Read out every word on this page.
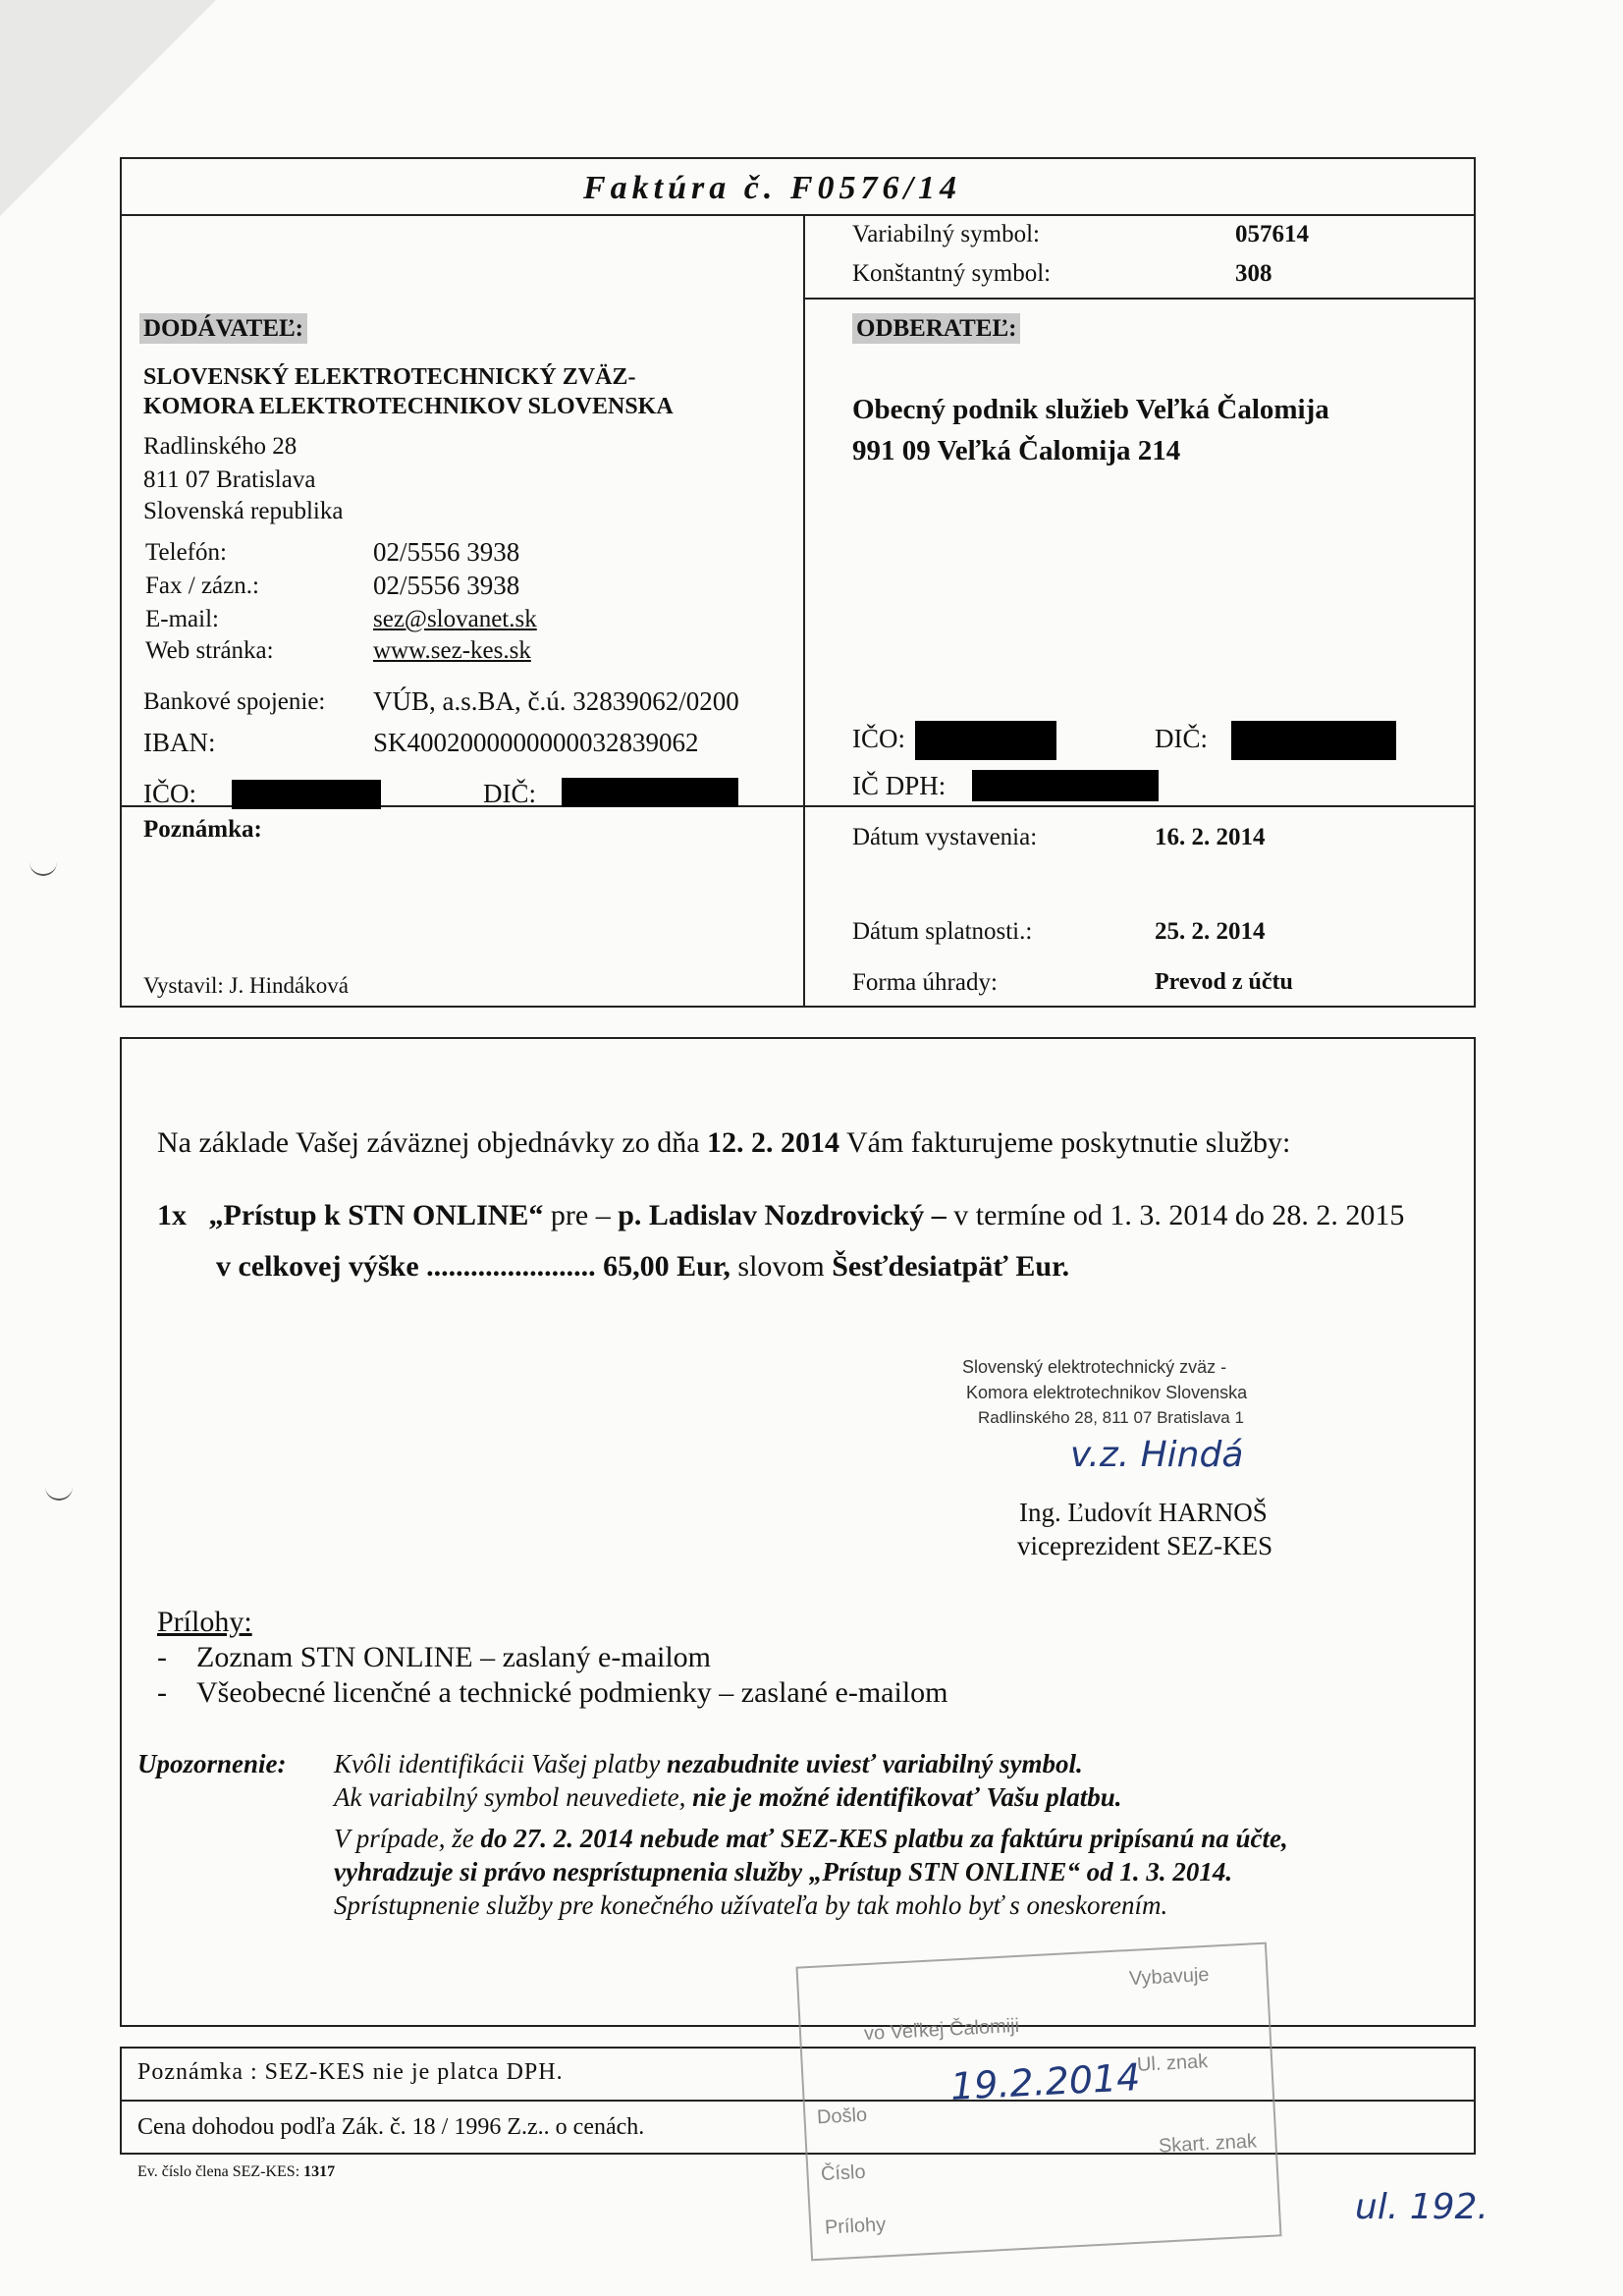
Faktúra č. F0576/14
Variabilný symbol:	057614
Konštantný symbol:	308
DODÁVATEĽ:
SLOVENSKÝ ELEKTROTECHNICKÝ ZVÄZ-
KOMORA ELEKTROTECHNIKOV SLOVENSKA
Radlinského 28
811 07 Bratislava
Slovenská republika
Telefón:	02/5556 3938
Fax / zázn.:	02/5556 3938
E-mail:	sez@slovanet.sk
Web stránka:	www.sez-kes.sk
Bankové spojenie: VÚB, a.s.BA, č.ú. 32839062/0200
IBAN:	SK4002000000000032839062
IČO:	DIČ:
ODBERATEĽ:
Obecný podnik služieb Veľká Čalomija
991 09 Veľká Čalomija 214
IČO:	DIČ:
IČ DPH:
Poznámka:
Vystavil: J. Hindáková
Dátum vystavenia:	16. 2. 2014
Dátum splatnosti.:	25. 2. 2014
Forma úhrady:	Prevod z účtu
Na základe Vašej záväznej objednávky zo dňa 12. 2. 2014 Vám fakturujeme poskytnutie služby:
1x „Prístup k STN ONLINE“ pre – p. Ladislav Nozdrovický – v termíne od 1. 3. 2014 do 28. 2. 2015
v celkovej výške ....................... 65,00 Eur, slovom Šesťdesiatpäť Eur.
Slovenský elektrotechnický zväz -
Komora elektrotechnikov Slovenska
Radlinského 28, 811 07 Bratislava 1
v.z. Hindá
Ing. Ľudovít HARNOŠ
viceprezident SEZ-KES
Prílohy:
-    Zoznam STN ONLINE – zaslaný e-mailom
-    Všeobecné licenčné a technické podmienky – zaslané e-mailom
Upozornenie: Kvôli identifikácii Vašej platby nezabudnite uviesť variabilný symbol.
Ak variabilný symbol neuvediete, nie je možné identifikovať Vašu platbu.
V prípade, že do 27. 2. 2014 nebude mať SEZ-KES platbu za faktúru pripísanú na účte,
vyhradzuje si právo nesprístupnenia služby „Prístup STN ONLINE“ od 1. 3. 2014.
Sprístupnenie služby pre konečného užívateľa by tak mohlo byť s oneskorením.
Poznámka : SEZ-KES nie je platca DPH.
Cena dohodou podľa Zák. č. 18 / 1996 Z.z.. o cenách.
Ev. číslo člena SEZ-KES: 1317
Vybavuje
vo Veľkej Čalomiji
19.2.2014
Ul. znak
Došlo
Skart. znak
Číslo
Prílohy	ul. 192.
